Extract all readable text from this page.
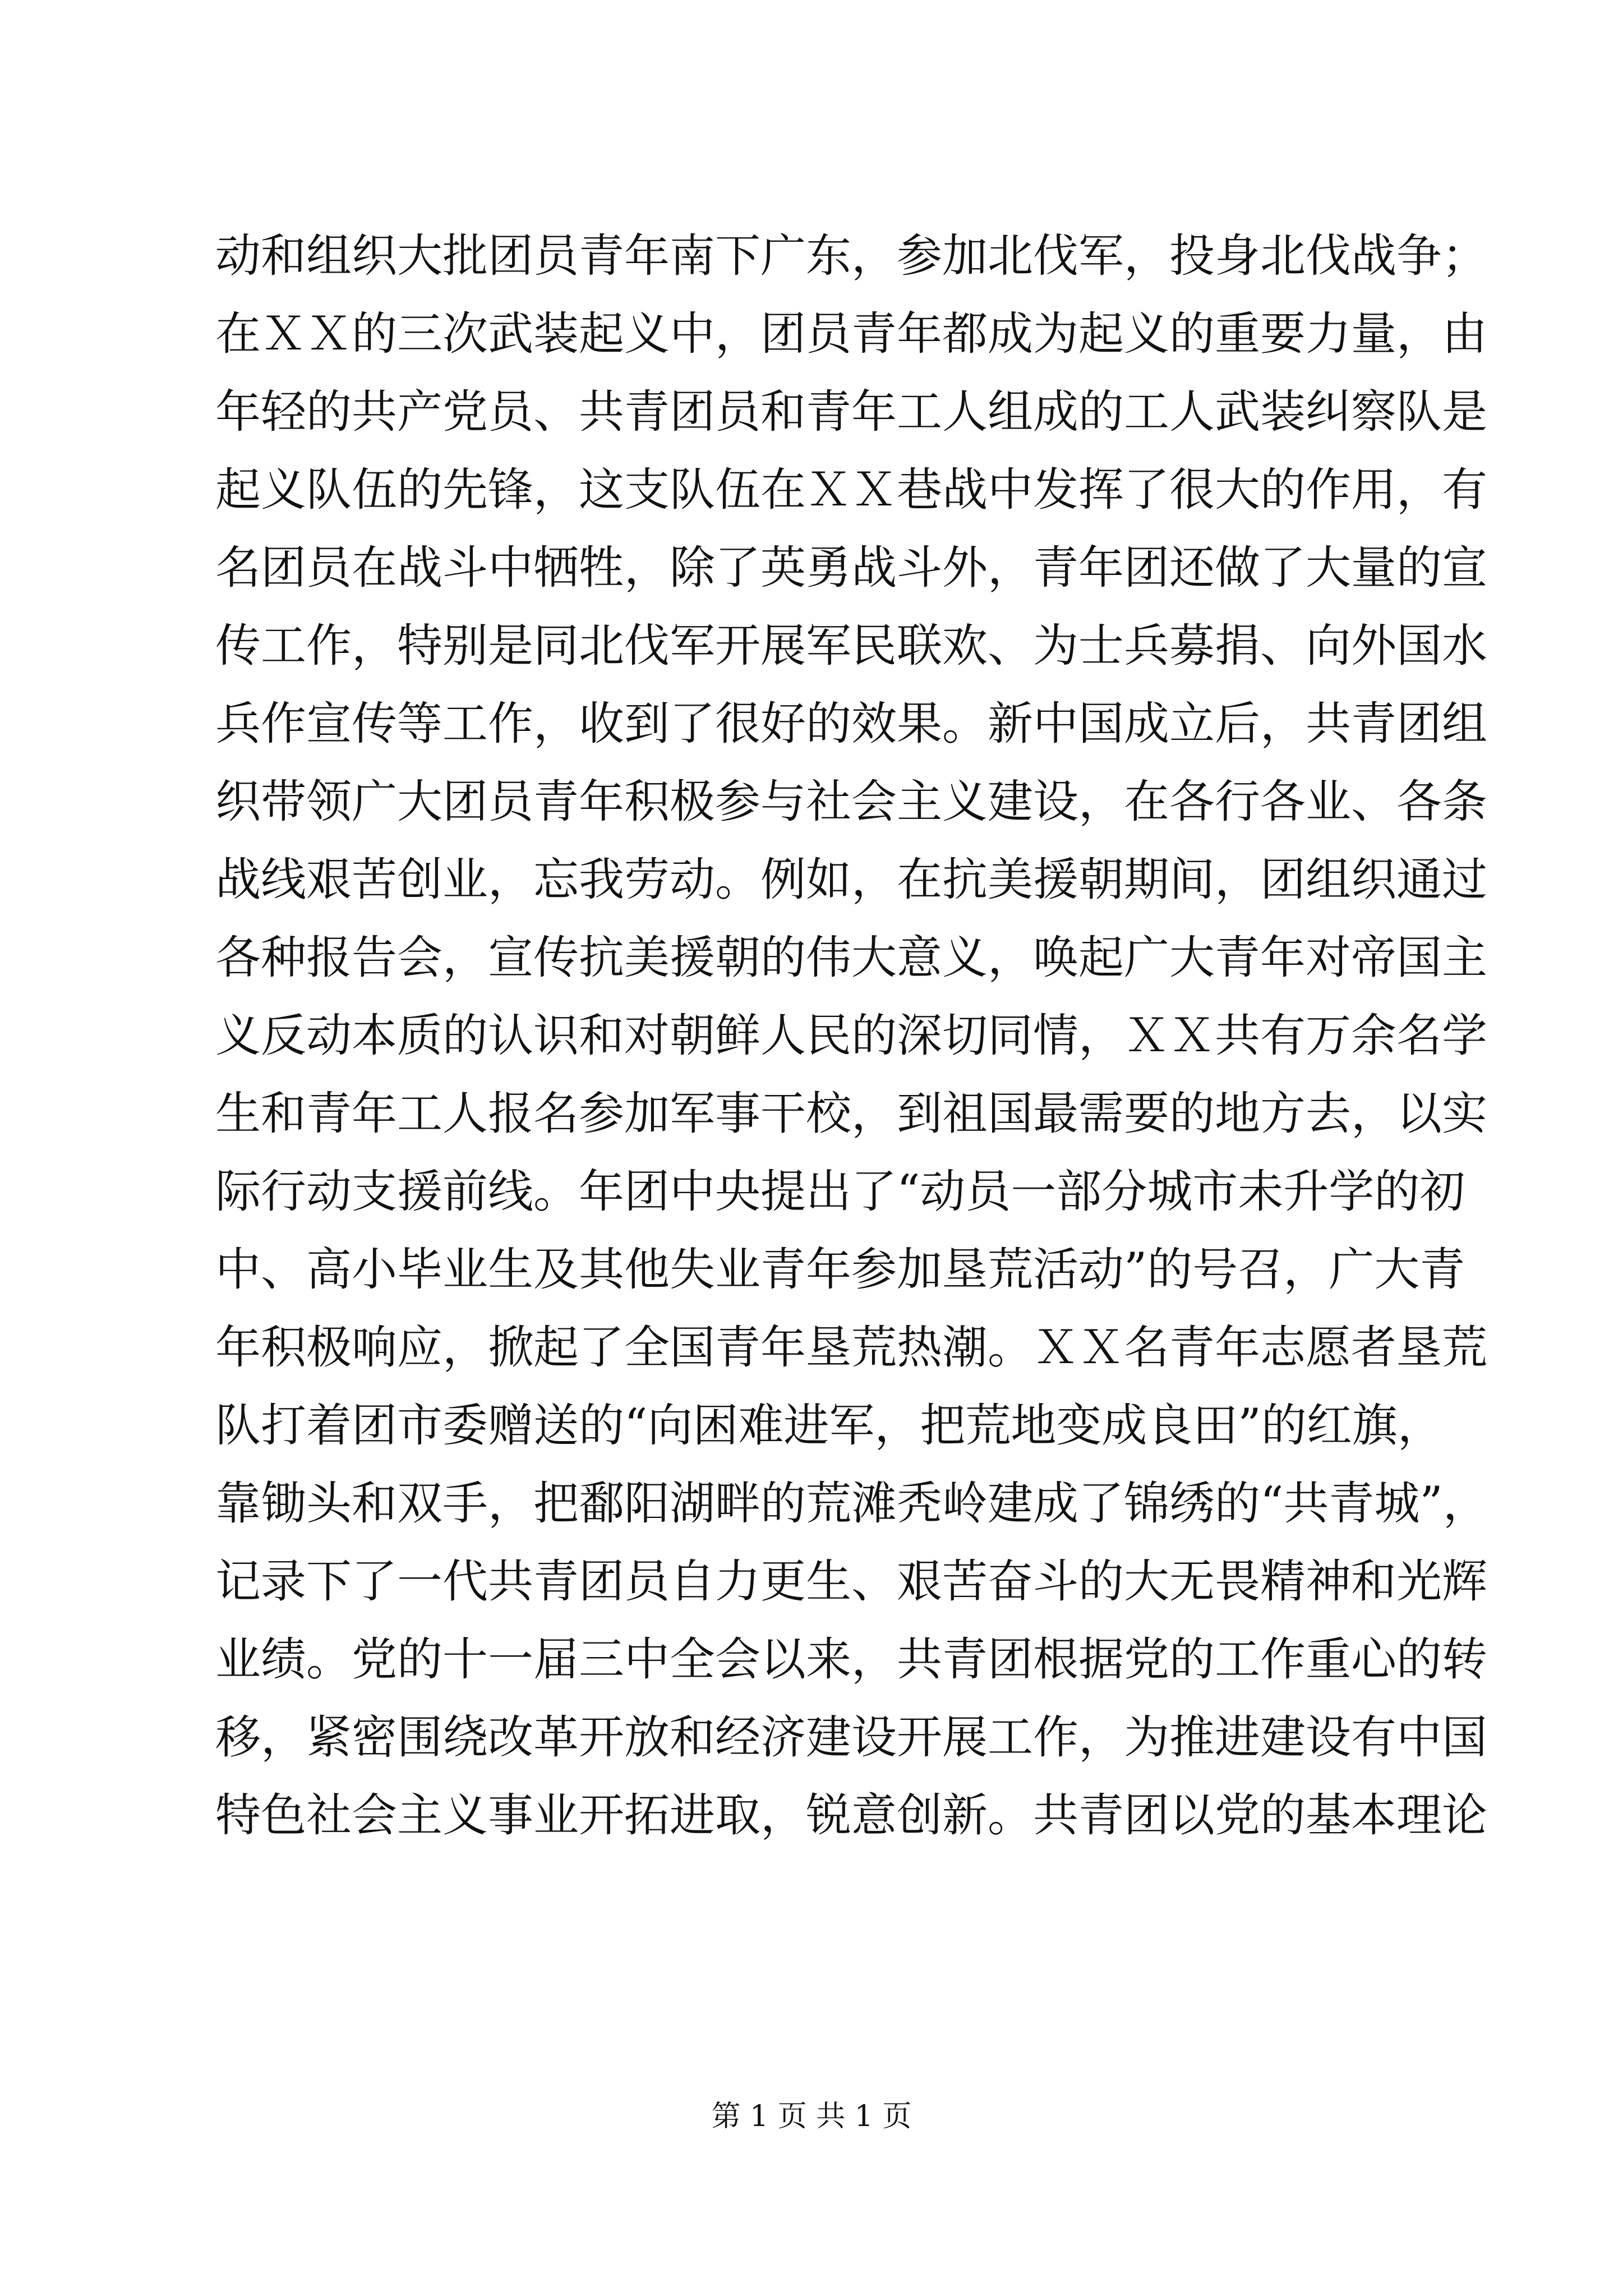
动和组织大批团员青年南下广东，参加北伐军，投身北伐战争；
在ＸＸ的三次武装起义中，团员青年都成为起义的重要力量，由
年轻的共产党员、共青团员和青年工人组成的工人武装纠察队是
起义队伍的先锋，这支队伍在ＸＸ巷战中发挥了很大的作用，有
名团员在战斗中牺牲，除了英勇战斗外，青年团还做了大量的宣
传工作，特别是同北伐军开展军民联欢、为士兵募捐、向外国水
兵作宣传等工作，收到了很好的效果。新中国成立后，共青团组
织带领广大团员青年积极参与社会主义建设，在各行各业、各条
战线艰苦创业，忘我劳动。例如，在抗美援朝期间，团组织通过
各种报告会，宣传抗美援朝的伟大意义，唤起广大青年对帝国主
义反动本质的认识和对朝鲜人民的深切同情，ＸＸ共有万余名学
生和青年工人报名参加军事干校，到祖国最需要的地方去，以实
际行动支援前线。年团中央提出了“动员一部分城市未升学的初
中、高小毕业生及其他失业青年参加垦荒活动”的号召，广大青
年积极响应，掀起了全国青年垦荒热潮。ＸＸ名青年志愿者垦荒
队打着团市委赠送的“向困难进军，把荒地变成良田”的红旗，
靠锄头和双手，把鄱阳湖畔的荒滩秃岭建成了锦绣的“共青城”，
记录下了一代共青团员自力更生、艰苦奋斗的大无畏精神和光辉
业绩。党的十一届三中全会以来，共青团根据党的工作重心的转
移，紧密围绕改革开放和经济建设开展工作，为推进建设有中国
特色社会主义事业开拓进取，锐意创新。共青团以党的基本理论
第 1 页 共 1 页
